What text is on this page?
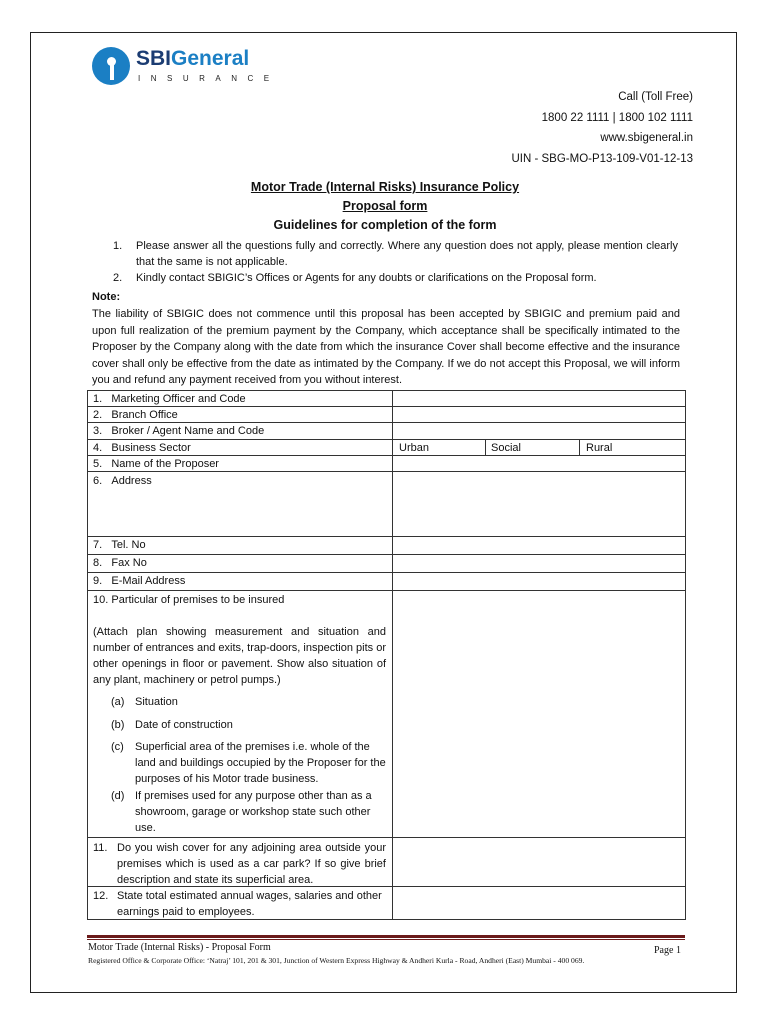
SBIGeneral
INSURANCE
Call (Toll Free)
1800 22 1111 | 1800 102 1111
www.sbigeneral.in
UIN - SBG-MO-P13-109-V01-12-13
Motor Trade (Internal Risks) Insurance Policy
Proposal form
Guidelines for completion of the form
1. Please answer all the questions fully and correctly. Where any question does not apply, please mention clearly that the same is not applicable.
2. Kindly contact SBIGIC’s Offices or Agents for any doubts or clarifications on the Proposal form.
Note:
The liability of SBIGIC does not commence until this proposal has been accepted by SBIGIC and premium paid and upon full realization of the premium payment by the Company, which acceptance shall be specifically intimated to the Proposer by the Company along with the date from which the insurance Cover shall become effective and the insurance cover shall only be effective from the date as intimated by the Company. If we do not accept this Proposal, we will inform you and refund any payment received from you without interest.
1. Marketing Officer and Code
2. Branch Office
3. Broker / Agent Name and Code
4. Business Sector	Urban	Social	Rural
5. Name of the Proposer
6. Address
7. Tel. No
8. Fax No
9. E-Mail Address
10. Particular of premises to be insured
(Attach plan showing measurement and situation and number of entrances and exits, trap-doors, inspection pits or other openings in floor or pavement. Show also situation of any plant, machinery or petrol pumps.)
(a) Situation
(b) Date of construction
(c) Superficial area of the premises i.e. whole of the land and buildings occupied by the Proposer for the purposes of his Motor trade business.
(d) If premises used for any purpose other than as a showroom, garage or workshop state such other use.
11. Do you wish cover for any adjoining area outside your premises which is used as a car park? If so give brief description and state its superficial area.
12. State total estimated annual wages, salaries and other earnings paid to employees.
Motor Trade (Internal Risks) - Proposal Form	Page 1
Registered Office & Corporate Office: ‘Natraj’ 101, 201 & 301, Junction of Western Express Highway & Andheri Kurla - Road, Andheri (East) Mumbai - 400 069.
